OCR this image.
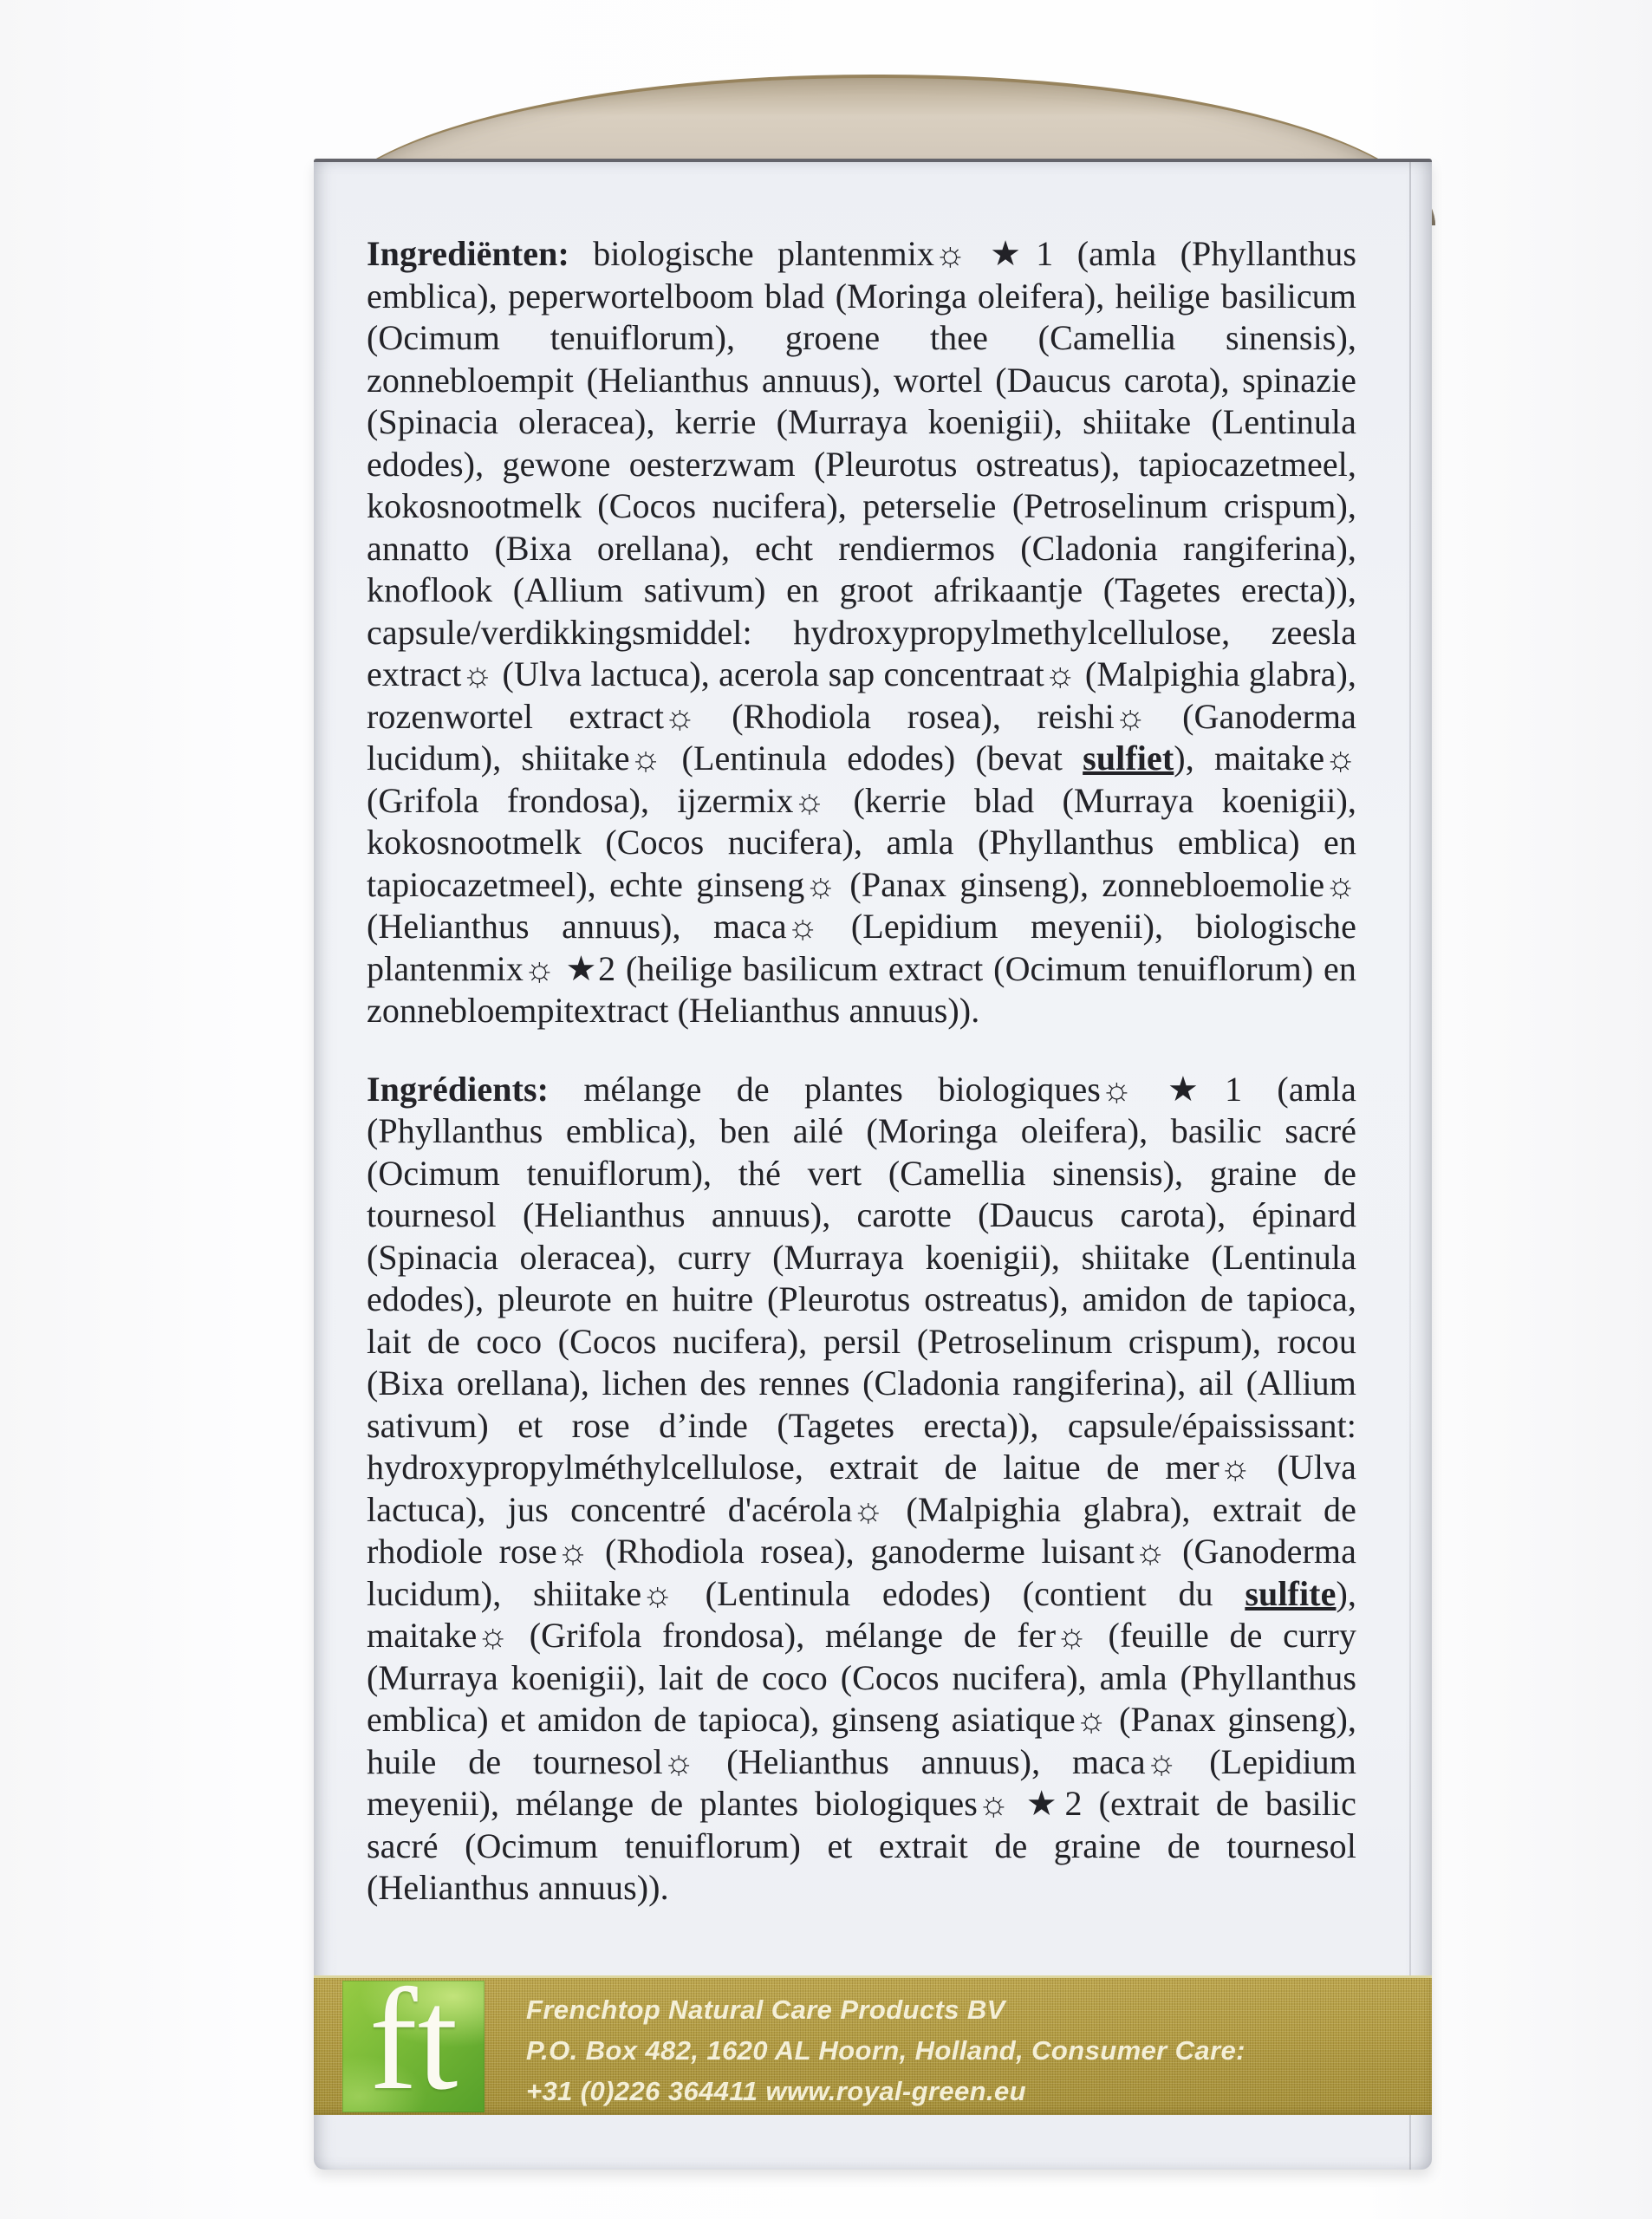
Ingrediënten: biologische plantenmix☼ ★1 (amla (Phyllanthus emblica), peperwortelboom blad (Moringa oleifera), heilige basilicum (Ocimum tenuiflorum), groene thee (Camellia sinensis), zonnebloempit (Helianthus annuus), wortel (Daucus carota), spinazie (Spinacia oleracea), kerrie (Murraya koenigii), shiitake (Lentinula edodes), gewone oesterzwam (Pleurotus ostreatus), tapiocazetmeel, kokosnootmelk (Cocos nucifera), peterselie (Petroselinum crispum), annatto (Bixa orellana), echt rendiermos (Cladonia rangiferina), knoflook (Allium sativum) en groot afrikaantje (Tagetes erecta)), capsule/verdikkingsmiddel: hydroxypropylmethylcellulose, zeesla extract☼ (Ulva lactuca), acerola sap concentraat☼ (Malpighia glabra), rozenwortel extract☼ (Rhodiola rosea), reishi☼ (Ganoderma lucidum), shiitake☼ (Lentinula edodes) (bevat sulfiet), maitake☼ (Grifola frondosa), ijzermix☼ (kerrie blad (Murraya koenigii), kokosnootmelk (Cocos nucifera), amla (Phyllanthus emblica) en tapiocazetmeel), echte ginseng☼ (Panax ginseng), zonnebloemolie☼ (Helianthus annuus), maca☼ (Lepidium meyenii), biologische plantenmix☼ ★2 (heilige basilicum extract (Ocimum tenuiflorum) en zonnebloempitextract (Helianthus annuus)).

Ingrédients: mélange de plantes biologiques☼ ★1 (amla (Phyllanthus emblica), ben ailé (Moringa oleifera), basilic sacré (Ocimum tenuiflorum), thé vert (Camellia sinensis), graine de tournesol (Helianthus annuus), carotte (Daucus carota), épinard (Spinacia oleracea), curry (Murraya koenigii), shiitake (Lentinula edodes), pleurote en huitre (Pleurotus ostreatus), amidon de tapioca, lait de coco (Cocos nucifera), persil (Petroselinum crispum), rocou (Bixa orellana), lichen des rennes (Cladonia rangiferina), ail (Allium sativum) et rose d’inde (Tagetes erecta)), capsule/épaississant: hydroxypropylméthylcellulose, extrait de laitue de mer☼ (Ulva lactuca), jus concentré d'acérola☼ (Malpighia glabra), extrait de rhodiole rose☼ (Rhodiola rosea), ganoderme luisant☼ (Ganoderma lucidum), shiitake☼ (Lentinula edodes) (contient du sulfite), maitake☼ (Grifola frondosa), mélange de fer☼ (feuille de curry (Murraya koenigii), lait de coco (Cocos nucifera), amla (Phyllanthus emblica) et amidon de tapioca), ginseng asiatique☼ (Panax ginseng), huile de tournesol☼ (Helianthus annuus), maca☼ (Lepidium meyenii), mélange de plantes biologiques☼ ★2 (extrait de basilic sacré (Ocimum tenuiflorum) et extrait de graine de tournesol (Helianthus annuus)).

ft	Frenchtop Natural Care Products BV
P.O. Box 482, 1620 AL Hoorn, Holland, Consumer Care:
+31 (0)226 364411 www.royal-green.eu
